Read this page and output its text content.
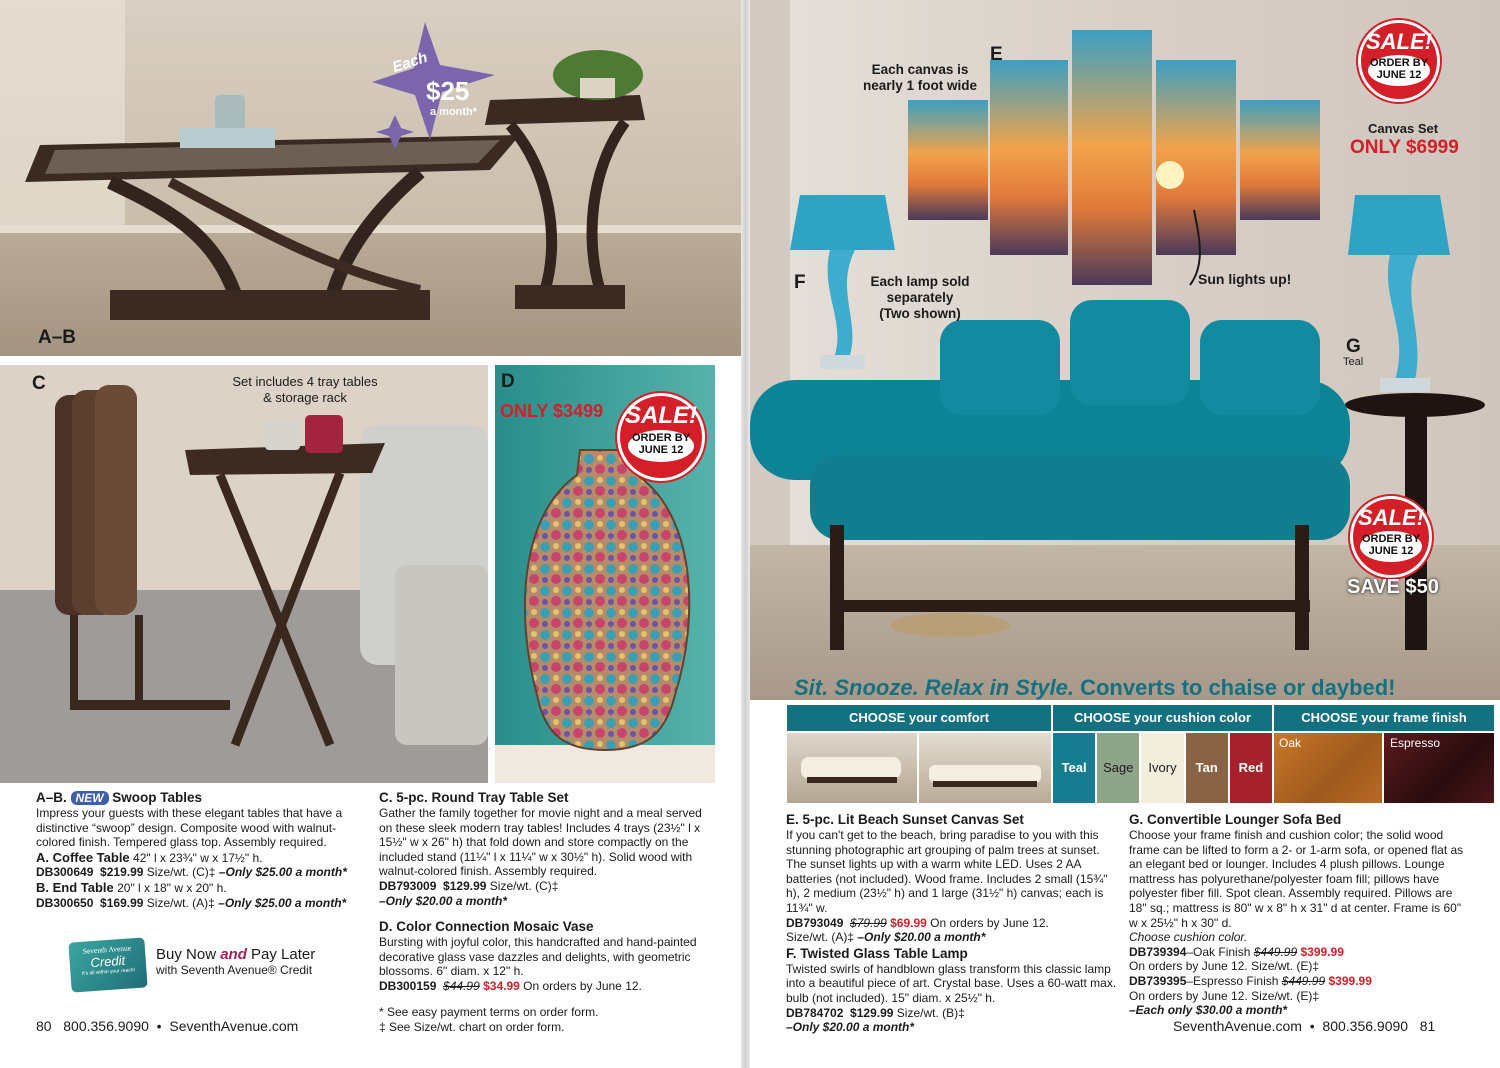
A–B
Each
$25
a month*
C	Set includes 4 tray tables
& storage rack
D
ONLY $3499 SALE!
ORDER BY
JUNE 12
A–B. NEW Swoop Tables
Impress your guests with these elegant tables that have a distinctive “swoop” design. Composite wood with walnut-colored finish. Tempered glass top. Assembly required.
A. Coffee Table 42" l x 23¾" w x 17½" h.
DB300649 $219.99 Size/wt. (C)‡ –Only $25.00 a month*
B. End Table 20" l x 18" w x 20" h.
DB300650 $169.99 Size/wt. (A)‡ –Only $25.00 a month*
Seventh Avenue
Credit
It's all within your reach!
Buy Now and Pay Later
with Seventh Avenue® Credit
C. 5-pc. Round Tray Table Set
Gather the family together for movie night and a meal served on these sleek modern tray tables! Includes 4 trays (23½" l x 15½" w x 26" h) that fold down and store compactly on the included stand (11¼" l x 11¼" w x 30½" h). Solid wood with walnut-colored finish. Assembly required.
DB793009 $129.99 Size/wt. (C)‡
–Only $20.00 a month*
D. Color Connection Mosaic Vase
Bursting with joyful color, this handcrafted and hand-painted decorative glass vase dazzles and delights, with geometric blossoms. 6" diam. x 12" h.
DB300159 $44.99 $34.99 On orders by June 12.
* See easy payment terms on order form.
‡ See Size/wt. chart on order form.
80 800.356.9090 • SeventhAvenue.com
Each canvas is
nearly 1 foot wide
E
F	Each lamp sold
separately
(Two shown)
Sun lights up!
G
Teal
SALE!
ORDER BY
JUNE 12
Canvas Set
ONLY $6999
SALE!
ORDER BY
JUNE 12
SAVE $50
Sit. Snooze. Relax in Style. Converts to chaise or daybed!
CHOOSE your comfort	CHOOSE your cushion color	CHOOSE your frame finish
Teal	Sage	Ivory	Tan	Red
Oak	Espresso
E. 5-pc. Lit Beach Sunset Canvas Set
If you can't get to the beach, bring paradise to you with this stunning photographic art grouping of palm trees at sunset. The sunset lights up with a warm white LED. Uses 2 AA batteries (not included). Wood frame. Includes 2 small (15¾" h), 2 medium (23½" h) and 1 large (31½" h) canvas; each is 11¾" w.
DB793049 $79.99 $69.99 On orders by June 12.
Size/wt. (A)‡ –Only $20.00 a month*
F. Twisted Glass Table Lamp
Twisted swirls of handblown glass transform this classic lamp into a beautiful piece of art. Crystal base. Uses a 60-watt max. bulb (not included). 15" diam. x 25½" h.
DB784702 $129.99 Size/wt. (B)‡
–Only $20.00 a month*
G. Convertible Lounger Sofa Bed
Choose your frame finish and cushion color; the solid wood frame can be lifted to form a 2- or 1-arm sofa, or opened flat as an elegant bed or lounger. Includes 4 plush pillows. Lounge mattress has polyurethane/polyester foam fill; pillows have polyester fiber fill. Spot clean. Assembly required. Pillows are 18" sq.; mattress is 80" w x 8" h x 31" d at center. Frame is 60" w x 25½" h x 30" d.
Choose cushion color.
DB739394–Oak Finish $449.99 $399.99
On orders by June 12. Size/wt. (E)‡
DB739395–Espresso Finish $449.99 $399.99
On orders by June 12. Size/wt. (E)‡
–Each only $30.00 a month*
SeventhAvenue.com • 800.356.9090 81
